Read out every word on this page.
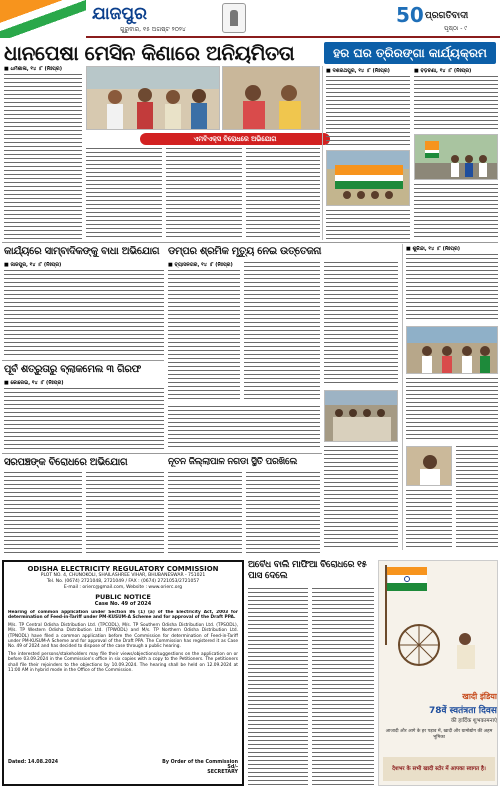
ଯାଜପୁର
ଗୁରୁବାର, ୧୫ ଅଗଷ୍ଟ ୨୦୨୪
50 ପ୍ରଗତିବାଦୀ
ପୃଷ୍ଠା - ୯
ଧାନପେଷା ମେସିନ କିଣାରେ ଅନିୟମିତତା	ହର ଘର ତ୍ରିରଙ୍ଗା କାର୍ଯ୍ୟକ୍ରମ
■ ଧର୍ମଶାଳା, ୧୪ ।୮ (ନିଃପ୍ର)
ଏମବିଏକ୍ସ ବିରୋଧରେ ଅଭିଯୋଗ
■ ଦଶରଥପୁର, ୧୪ ।୮ (ନିଃପ୍ର)	■ ବଡ଼ଚଣା, ୧୪ ।୮ (ନିଃପ୍ର)
କାର୍ଯ୍ୟରେ ସାମ୍ବାଦିକଙ୍କୁ ବାଧା ଅଭିଯୋଗ ଡମ୍ପର ଶ୍ରମିକ ମୃତ୍ୟୁ ନେଇ ଉତ୍ତେଜନା
■ ଜାଜପୁର, ୧୪ ।୮ (ନିଃପ୍ର)	■ ବ୍ୟାସନଗର, ୧୪ ।୮ (ନିଃପ୍ର)
■ ଶୁକିନ୍ଦା, ୧୪ ।୮ (ନିଃପ୍ର)
ପୂର୍ବ ଶତ୍ରୁତାରୁ ବ୍ଲାକମେଲ ୩ ଗିରଫ
■ କୋରେଇ, ୧୪ ।୮ (ନିଃପ୍ର)
ସରପଞ୍ଚଙ୍କ ବିରୋଧରେ ଅଭିଯୋଗ	ନୂତନ ଜିଲ୍ଲାପାଳ ନଗଡା ସ୍ଥିତି ପରଖିଲେ
ODISHA ELECTRICITY REGULATORY COMMISSION
PLOT NO. 4, CHUNOKOLI, SHAILASHREE VIHAR, BHUBANESWAR - 751021
Tel. No. (0674) 2721048, 2721049 / FAX : (0674) 2721053/2721057
E-mail : orierc@gmail.com, Website : www.orierc.org
PUBLIC NOTICE
Case No. 49 of 2024

Hearing of common application under Section 86 (1) (a) of the Electricity Act, 2003 for determination of Feed-in-Tariff under PM-KUSUM-A Scheme and for approval of the Draft PPA.

M/s. TP Central Odisha Distribution Ltd. (TPCODL), M/s. TP Southern Odisha Distribution Ltd. (TPSODL), M/s. TP Western Odisha Distribution Ltd. (TPWODL) and M/s. TP Northern Odisha Distribution Ltd. (TPNODL) have filed a common application before the Commission for determination of Feed-in-Tariff under PM-KUSUM-A Scheme and for approval of the Draft PPA. The Commission has registered it as Case No. 49 of 2024 and has decided to dispose of the case through a public hearing.

The interested persons/stakeholders may file their views/objections/suggestions on the application on or before 03.09.2024 in the Commission's office in six copies with a copy to the Petitioners. The petitioners shall file their rejoinders to the objections by 10.09.2024. The hearing shall be held on 12.09.2024 at 11:00 AM in hybrid mode in the Office of the Commission.

Dated: 14.08.2024	By Order of the Commission
Sd/-
SECRETARY
ଅବୈଧ ବାଲି ମାଫିଆ ବିରୋଧରେ ୧୫ ପାସ ଦେଲେ
खादी इंडिया
78वें स्वतंत्रता दिवस
की हार्दिक शुभकामनाएं
आजादी और आगे के हर पड़ाव में, खादी और ग्रामोद्योग की अहम भूमिका
देशभर के सभी खादी स्टोर में आपका स्वागत है।
